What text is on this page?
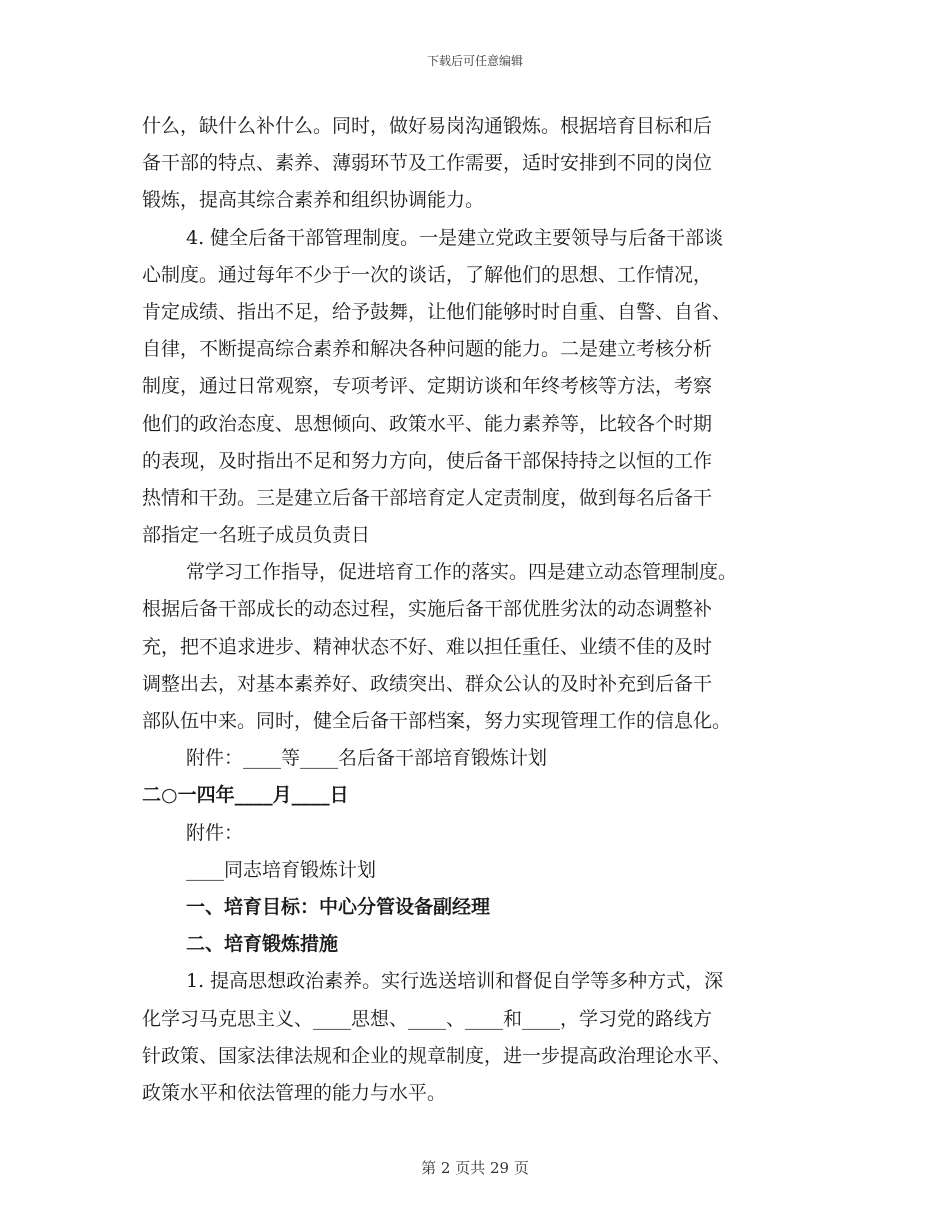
下载后可任意编辑
什么，缺什么补什么。同时，做好易岗沟通锻炼。根据培育目标和后
备干部的特点、素养、薄弱环节及工作需要，适时安排到不同的岗位
锻炼，提高其综合素养和组织协调能力。
4. 健全后备干部管理制度。一是建立党政主要领导与后备干部谈
心制度。通过每年不少于一次的谈话，了解他们的思想、工作情况，
肯定成绩、指出不足，给予鼓舞，让他们能够时时自重、自警、自省、
自律，不断提高综合素养和解决各种问题的能力。二是建立考核分析
制度，通过日常观察，专项考评、定期访谈和年终考核等方法，考察
他们的政治态度、思想倾向、政策水平、能力素养等，比较各个时期
的表现，及时指出不足和努力方向，使后备干部保持持之以恒的工作
热情和干劲。三是建立后备干部培育定人定责制度，做到每名后备干
部指定一名班子成员负责日
常学习工作指导，促进培育工作的落实。四是建立动态管理制度。
根据后备干部成长的动态过程，实施后备干部优胜劣汰的动态调整补
充，把不追求进步、精神状态不好、难以担任重任、业绩不佳的及时
调整出去，对基本素养好、政绩突出、群众公认的及时补充到后备干
部队伍中来。同时，健全后备干部档案，努力实现管理工作的信息化。
附件：____等____名后备干部培育锻炼计划
二○一四年____月____日
附件：
____同志培育锻炼计划
一、培育目标：中心分管设备副经理
二、培育锻炼措施
1. 提高思想政治素养。实行选送培训和督促自学等多种方式，深
化学习马克思主义、____思想、____、____和____，学习党的路线方
针政策、国家法律法规和企业的规章制度，进一步提高政治理论水平、
政策水平和依法管理的能力与水平。
第 2 页共 29 页
